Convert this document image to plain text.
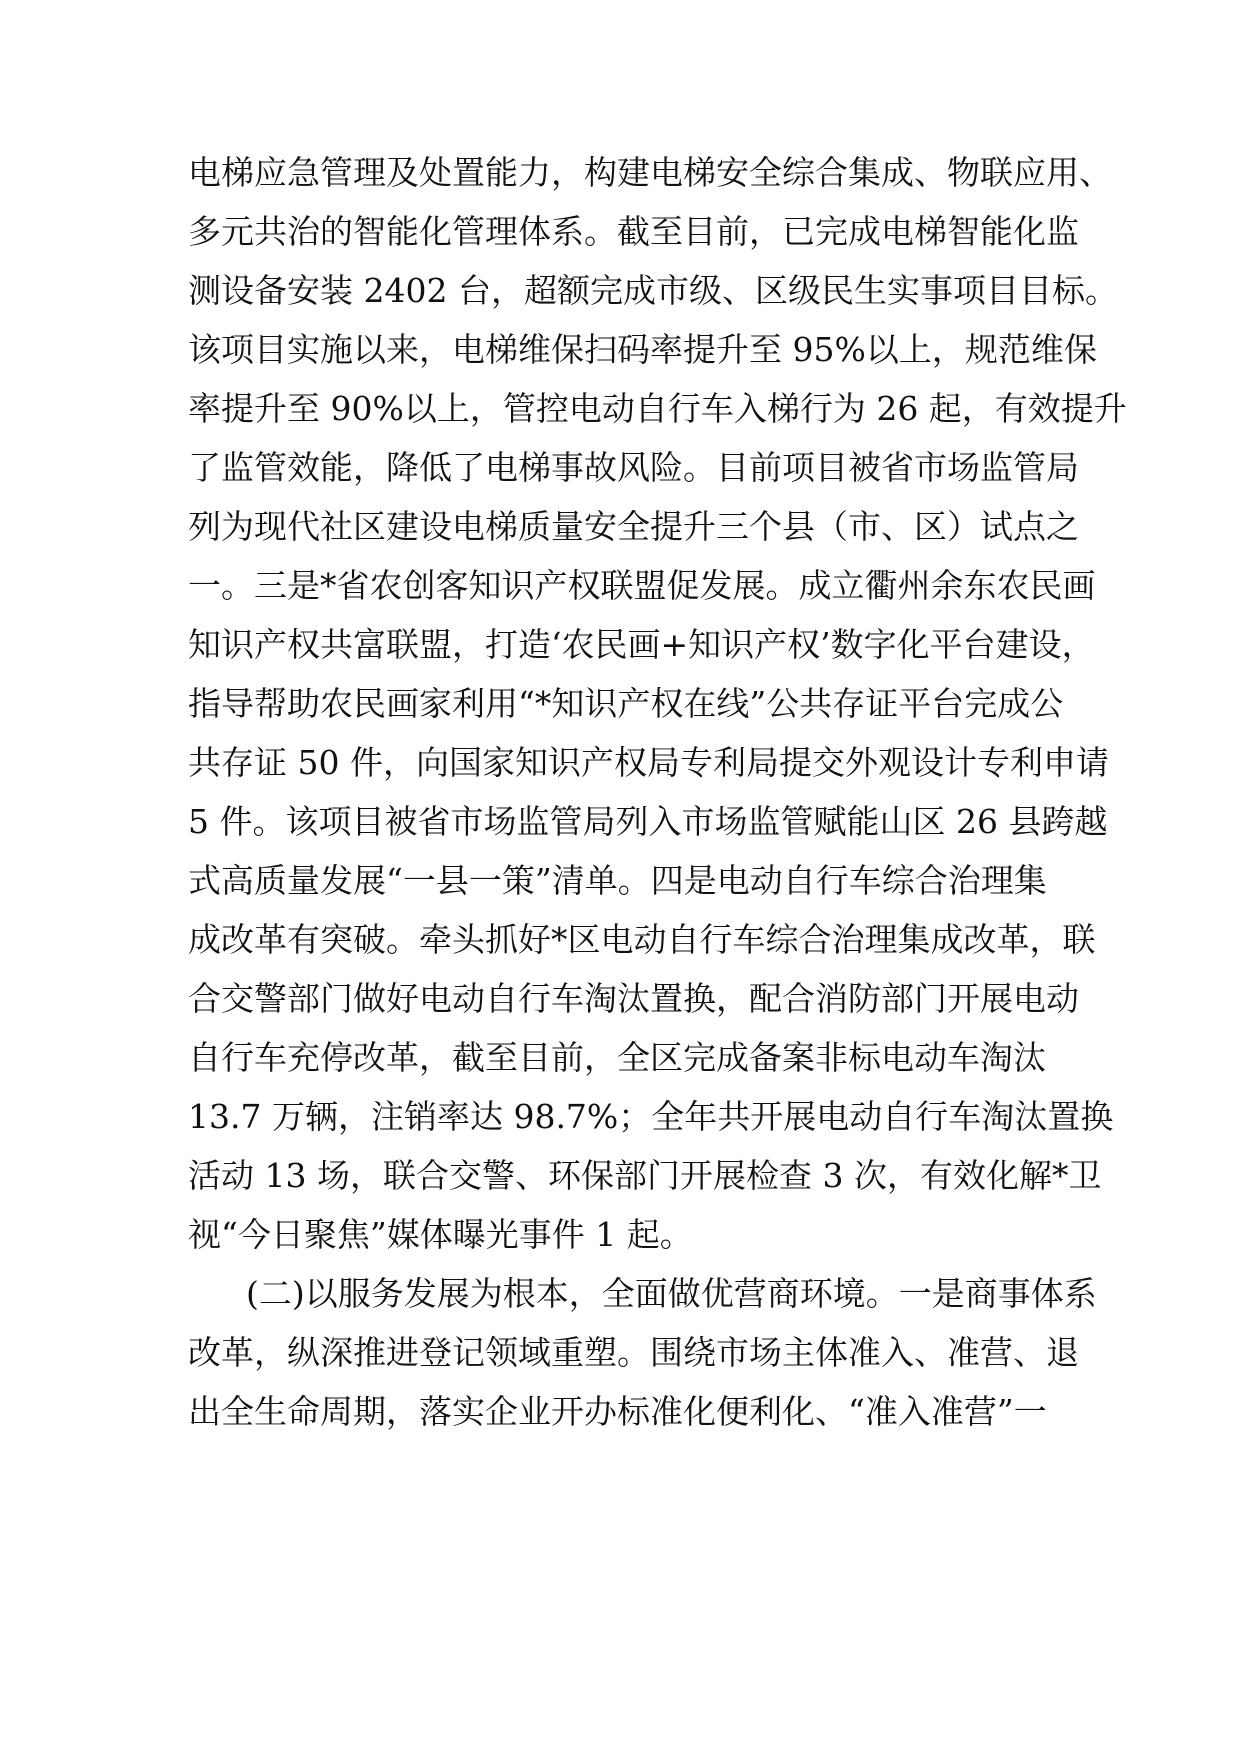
电梯应急管理及处置能力，构建电梯安全综合集成、物联应用、
多元共治的智能化管理体系。截至目前，已完成电梯智能化监
测设备安装 2402 台，超额完成市级、区级民生实事项目目标。
该项目实施以来，电梯维保扫码率提升至 95%以上，规范维保
率提升至 90%以上，管控电动自行车入梯行为 26 起，有效提升
了监管效能，降低了电梯事故风险。目前项目被省市场监管局
列为现代社区建设电梯质量安全提升三个县（市、区）试点之
一。三是*省农创客知识产权联盟促发展。成立衢州余东农民画
知识产权共富联盟，打造‘农民画+知识产权’数字化平台建设，
指导帮助农民画家利用“*知识产权在线”公共存证平台完成公
共存证 50 件，向国家知识产权局专利局提交外观设计专利申请
5 件。该项目被省市场监管局列入市场监管赋能山区 26 县跨越
式高质量发展“一县一策”清单。四是电动自行车综合治理集
成改革有突破。牵头抓好*区电动自行车综合治理集成改革，联
合交警部门做好电动自行车淘汰置换，配合消防部门开展电动
自行车充停改革，截至目前，全区完成备案非标电动车淘汰
13.7 万辆，注销率达 98.7%；全年共开展电动自行车淘汰置换
活动 13 场，联合交警、环保部门开展检查 3 次，有效化解*卫
视“今日聚焦”媒体曝光事件 1 起。
(二)以服务发展为根本，全面做优营商环境。一是商事体系
改革，纵深推进登记领域重塑。围绕市场主体准入、准营、退
出全生命周期，落实企业开办标准化便利化、“准入准营”一
